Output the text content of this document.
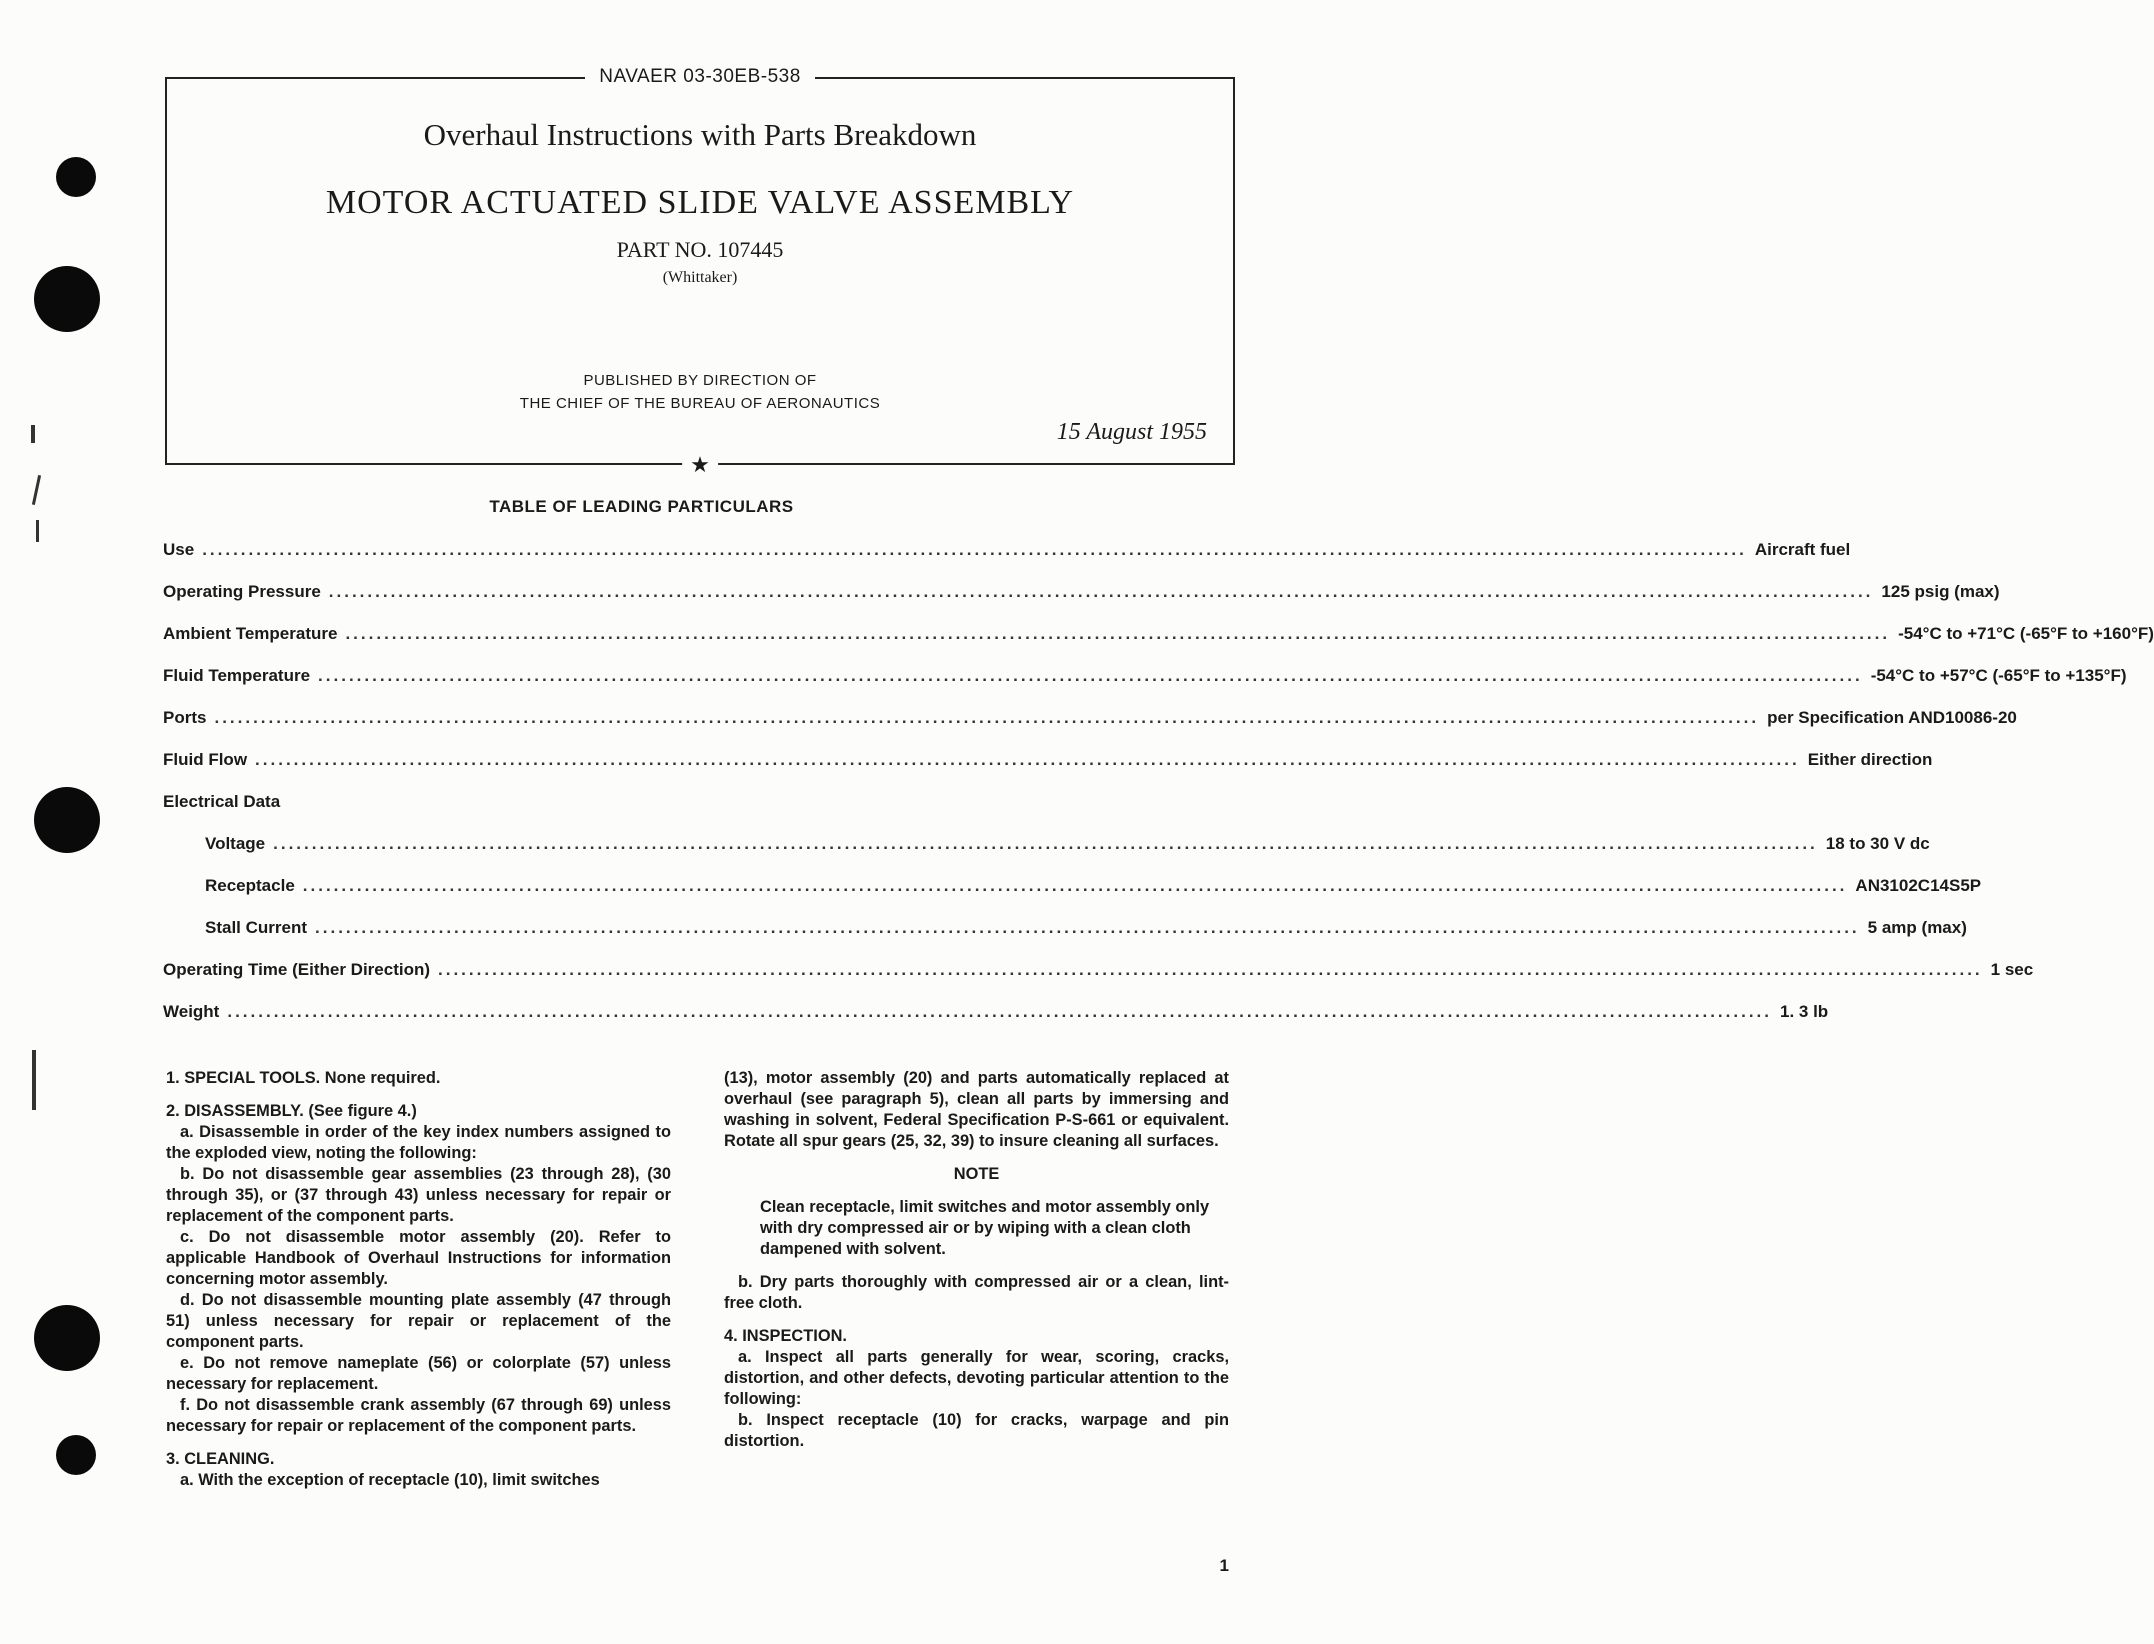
NAVAER 03-30EB-538
Overhaul Instructions with Parts Breakdown
MOTOR ACTUATED SLIDE VALVE ASSEMBLY
PART NO. 107445
(Whittaker)
PUBLISHED BY DIRECTION OF
THE CHIEF OF THE BUREAU OF AERONAUTICS
15 August 1955
★
TABLE OF LEADING PARTICULARS
Use ........................................................................................................................................................................................................ Aircraft fuel
Operating Pressure ........................................................................................................................................................................................................ 125 psig (max)
Ambient Temperature ........................................................................................................................................................................................................ -54°C to +71°C (-65°F to +160°F)
Fluid Temperature ........................................................................................................................................................................................................ -54°C to +57°C (-65°F to +135°F)
Ports ........................................................................................................................................................................................................ per Specification AND10086-20
Fluid Flow ........................................................................................................................................................................................................ Either direction
Electrical Data
Voltage ........................................................................................................................................................................................................ 18 to 30 V dc
Receptacle ........................................................................................................................................................................................................ AN3102C14S5P
Stall Current ........................................................................................................................................................................................................ 5 amp (max)
Operating Time (Either Direction) ........................................................................................................................................................................................................ 1 sec
Weight ........................................................................................................................................................................................................ 1. 3 lb

1. SPECIAL TOOLS. None required.

2. DISASSEMBLY. (See figure 4.)

a. Disassemble in order of the key index numbers assigned to the exploded view, noting the following:

b. Do not disassemble gear assemblies (23 through 28), (30 through 35), or (37 through 43) unless necessary for repair or replacement of the component parts.

c. Do not disassemble motor assembly (20). Refer to applicable Handbook of Overhaul Instructions for information concerning motor assembly.

d. Do not disassemble mounting plate assembly (47 through 51) unless necessary for repair or replacement of the component parts.

e. Do not remove nameplate (56) or colorplate (57) unless necessary for replacement.

f. Do not disassemble crank assembly (67 through 69) unless necessary for repair or replacement of the component parts.

3. CLEANING.

a. With the exception of receptacle (10), limit switches

(13), motor assembly (20) and parts automatically replaced at overhaul (see paragraph 5), clean all parts by immersing and washing in solvent, Federal Specification P-S-661 or equivalent. Rotate all spur gears (25, 32, 39) to insure cleaning all surfaces.

NOTE

Clean receptacle, limit switches and motor assembly only with dry compressed air or by wiping with a clean cloth dampened with solvent.

b. Dry parts thoroughly with compressed air or a clean, lint-free cloth.

4. INSPECTION.

a. Inspect all parts generally for wear, scoring, cracks, distortion, and other defects, devoting particular attention to the following:

b. Inspect receptacle (10) for cracks, warpage and pin distortion.

1
